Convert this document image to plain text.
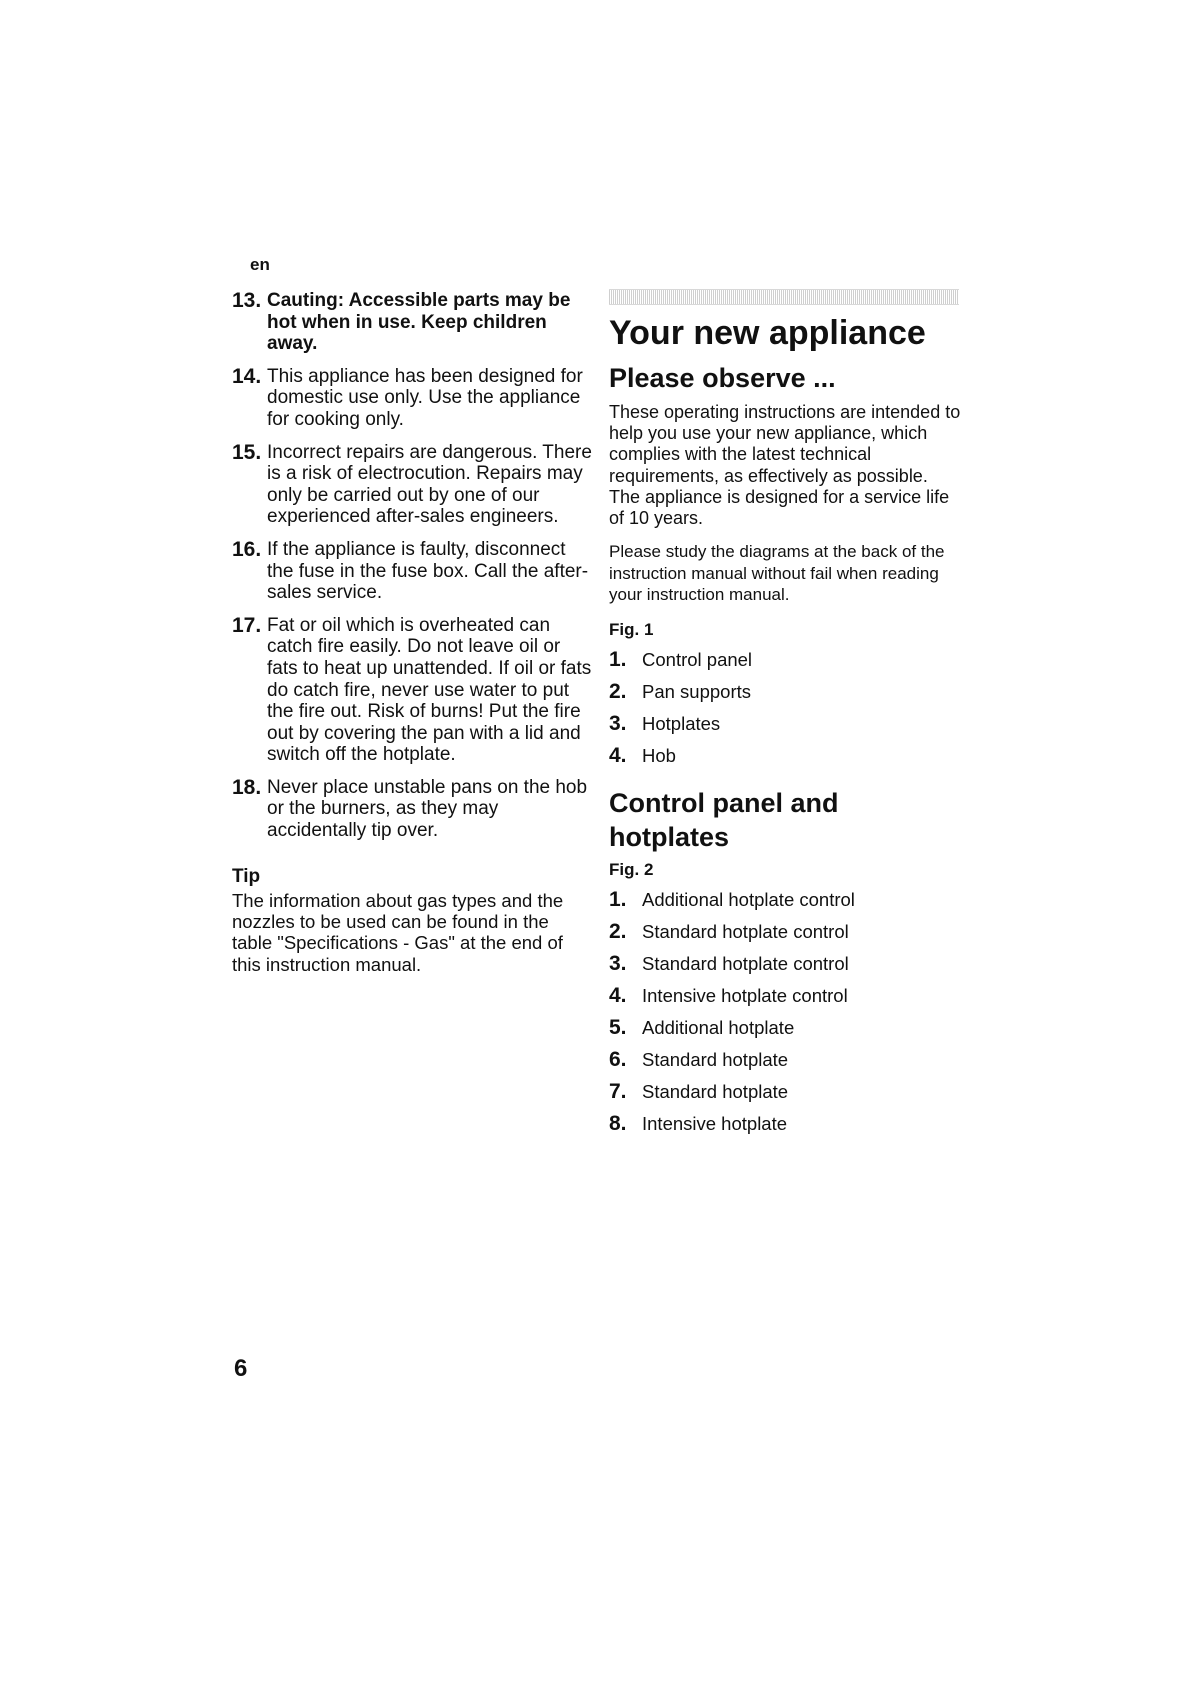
en
13. Cauting: Accessible parts may be hot when in use. Keep children away.
14. This appliance has been designed for domestic use only. Use the appliance for cooking only.
15. Incorrect repairs are dangerous. There is a risk of electrocution. Repairs may only be carried out by one of our experienced after-sales engineers.
16. If the appliance is faulty, disconnect the fuse in the fuse box. Call the after-sales service.
17. Fat or oil which is overheated can catch fire easily. Do not leave oil or fats to heat up unattended. If oil or fats do catch fire, never use water to put the fire out. Risk of burns! Put the fire out by covering the pan with a lid and switch off the hotplate.
18. Never place unstable pans on the hob or the burners, as they may accidentally tip over.
Tip
The information about gas types and the nozzles to be used can be found in the table "Specifications - Gas" at the end of this instruction manual.
Your new appliance
Please observe ...
These operating instructions are intended to help you use your new appliance, which complies with the latest technical requirements, as effectively as possible. The appliance is designed for a service life of 10 years.
Please study the diagrams at the back of the instruction manual without fail when reading your instruction manual.
Fig. 1
1. Control panel
2. Pan supports
3. Hotplates
4. Hob
Control panel and hotplates
Fig. 2
1. Additional hotplate control
2. Standard hotplate control
3. Standard hotplate control
4. Intensive hotplate control
5. Additional hotplate
6. Standard hotplate
7. Standard hotplate
8. Intensive hotplate
6
